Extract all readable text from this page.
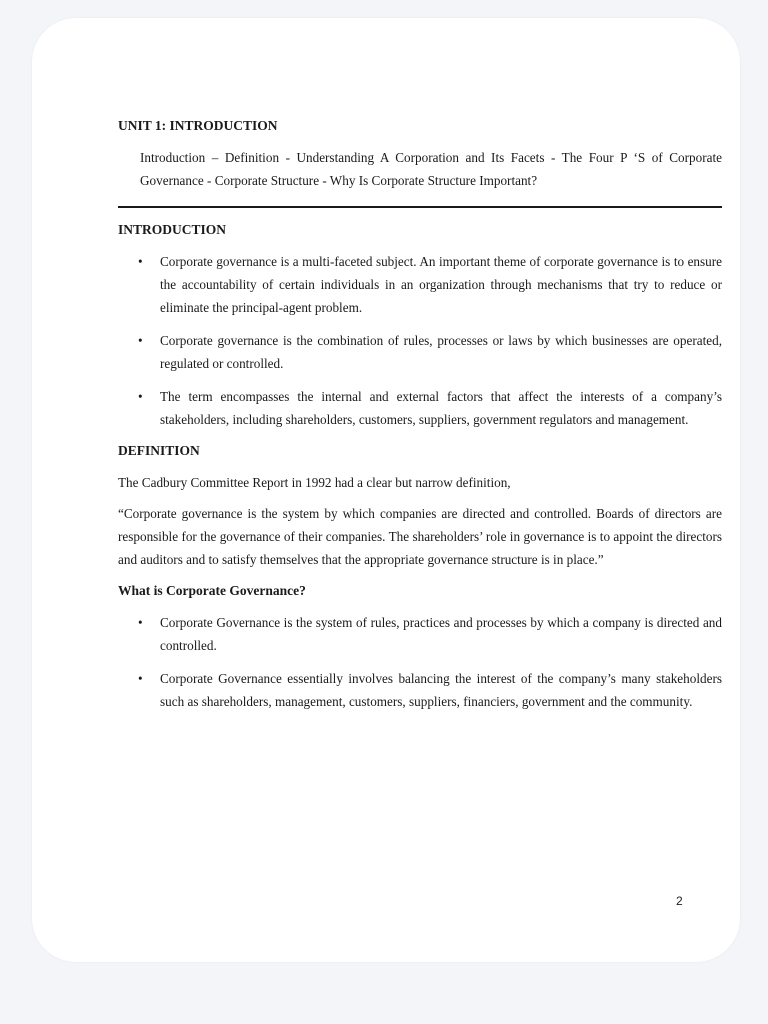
UNIT 1: INTRODUCTION

Introduction – Definition - Understanding A Corporation and Its Facets - The Four P ‘S of Corporate Governance - Corporate Structure - Why Is Corporate Structure Important?

INTRODUCTION
• Corporate governance is a multi-faceted subject. An important theme of corporate governance is to ensure the accountability of certain individuals in an organization through mechanisms that try to reduce or eliminate the principal-agent problem.
• Corporate governance is the combination of rules, processes or laws by which businesses are operated, regulated or controlled.
• The term encompasses the internal and external factors that affect the interests of a company’s stakeholders, including shareholders, customers, suppliers, government regulators and management.
DEFINITION

The Cadbury Committee Report in 1992 had a clear but narrow definition,

“Corporate governance is the system by which companies are directed and controlled. Boards of directors are responsible for the governance of their companies. The shareholders’ role in governance is to appoint the directors and auditors and to satisfy themselves that the appropriate governance structure is in place.”

What is Corporate Governance?
• Corporate Governance is the system of rules, practices and processes by which a company is directed and controlled.
• Corporate Governance essentially involves balancing the interest of the company’s many stakeholders such as shareholders, management, customers, suppliers, financiers, government and the community.
2
